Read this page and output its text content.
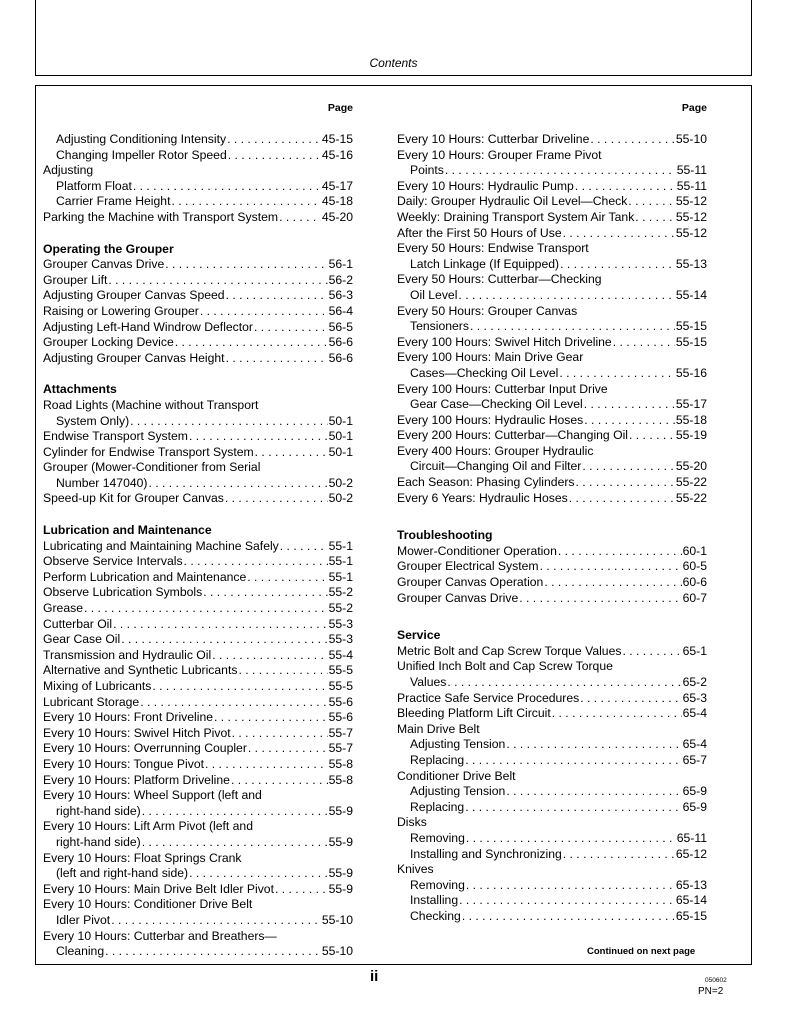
Contents
Page
Adjusting Conditioning Intensity . . .	45-15
Changing Impeller Rotor Speed . . .	45-16
Adjusting
Platform Float . . .	45-17
Carrier Frame Height . . .	45-18
Parking the Machine with Transport System . . .	45-20
Operating the Grouper
Grouper Canvas Drive . . .	56-1
Grouper Lift . . .	56-2
Adjusting Grouper Canvas Speed . . .	56-3
Raising or Lowering Grouper . . .	56-4
Adjusting Left-Hand Windrow Deflector . . .	56-5
Grouper Locking Device . . .	56-6
Adjusting Grouper Canvas Height . . .	56-6
Attachments
Road Lights (Machine without Transport
System Only) . . .	50-1
Endwise Transport System . . .	50-1
Cylinder for Endwise Transport System . . .	50-1
Grouper (Mower-Conditioner from Serial
Number 147040) . . .	50-2
Speed-up Kit for Grouper Canvas . . .	50-2
Lubrication and Maintenance
Lubricating and Maintaining Machine Safely . . .	55-1
Observe Service Intervals . . .	55-1
Perform Lubrication and Maintenance . . .	55-1
Observe Lubrication Symbols . . .	55-2
Grease . . .	55-2
Cutterbar Oil . . .	55-3
Gear Case Oil . . .	55-3
Transmission and Hydraulic Oil . . .	55-4
Alternative and Synthetic Lubricants . . .	55-5
Mixing of Lubricants . . .	55-5
Lubricant Storage . . .	55-6
Every 10 Hours: Front Driveline . . .	55-6
Every 10 Hours: Swivel Hitch Pivot . . .	55-7
Every 10 Hours: Overrunning Coupler . . .	55-7
Every 10 Hours: Tongue Pivot . . .	55-8
Every 10 Hours: Platform Driveline . . .	55-8
Every 10 Hours: Wheel Support (left and
right-hand side) . . .	55-9
Every 10 Hours: Lift Arm Pivot (left and
right-hand side) . . .	55-9
Every 10 Hours: Float Springs Crank
(left and right-hand side) . . .	55-9
Every 10 Hours: Main Drive Belt Idler Pivot . . .	55-9
Every 10 Hours: Conditioner Drive Belt
Idler Pivot . . .	55-10
Every 10 Hours: Cutterbar and Breathers—
Cleaning . . .	55-10
Page
Every 10 Hours: Cutterbar Driveline . . .	55-10
Every 10 Hours: Grouper Frame Pivot
Points . . .	55-11
Every 10 Hours: Hydraulic Pump . . .	55-11
Daily: Grouper Hydraulic Oil Level—Check . . .	55-12
Weekly: Draining Transport System Air Tank . . .	55-12
After the First 50 Hours of Use . . .	55-12
Every 50 Hours: Endwise Transport
Latch Linkage (If Equipped) . . .	55-13
Every 50 Hours: Cutterbar—Checking
Oil Level . . .	55-14
Every 50 Hours: Grouper Canvas
Tensioners . . .	55-15
Every 100 Hours: Swivel Hitch Driveline . . .	55-15
Every 100 Hours: Main Drive Gear
Cases—Checking Oil Level . . .	55-16
Every 100 Hours: Cutterbar Input Drive
Gear Case—Checking Oil Level . . .	55-17
Every 100 Hours: Hydraulic Hoses . . .	55-18
Every 200 Hours: Cutterbar—Changing Oil . . .	55-19
Every 400 Hours: Grouper Hydraulic
Circuit—Changing Oil and Filter . . .	55-20
Each Season: Phasing Cylinders . . .	55-22
Every 6 Years: Hydraulic Hoses . . .	55-22
Troubleshooting
Mower-Conditioner Operation . . .	60-1
Grouper Electrical System . . .	60-5
Grouper Canvas Operation . . .	60-6
Grouper Canvas Drive . . .	60-7
Service
Metric Bolt and Cap Screw Torque Values . . .	65-1
Unified Inch Bolt and Cap Screw Torque
Values . . .	65-2
Practice Safe Service Procedures . . .	65-3
Bleeding Platform Lift Circuit . . .	65-4
Main Drive Belt
Adjusting Tension . . .	65-4
Replacing . . .	65-7
Conditioner Drive Belt
Adjusting Tension . . .	65-9
Replacing . . .	65-9
Disks
Removing . . .	65-11
Installing and Synchronizing . . .	65-12
Knives
Removing . . .	65-13
Installing . . .	65-14
Checking . . .	65-15
Continued on next page
ii	050602
PN=2
